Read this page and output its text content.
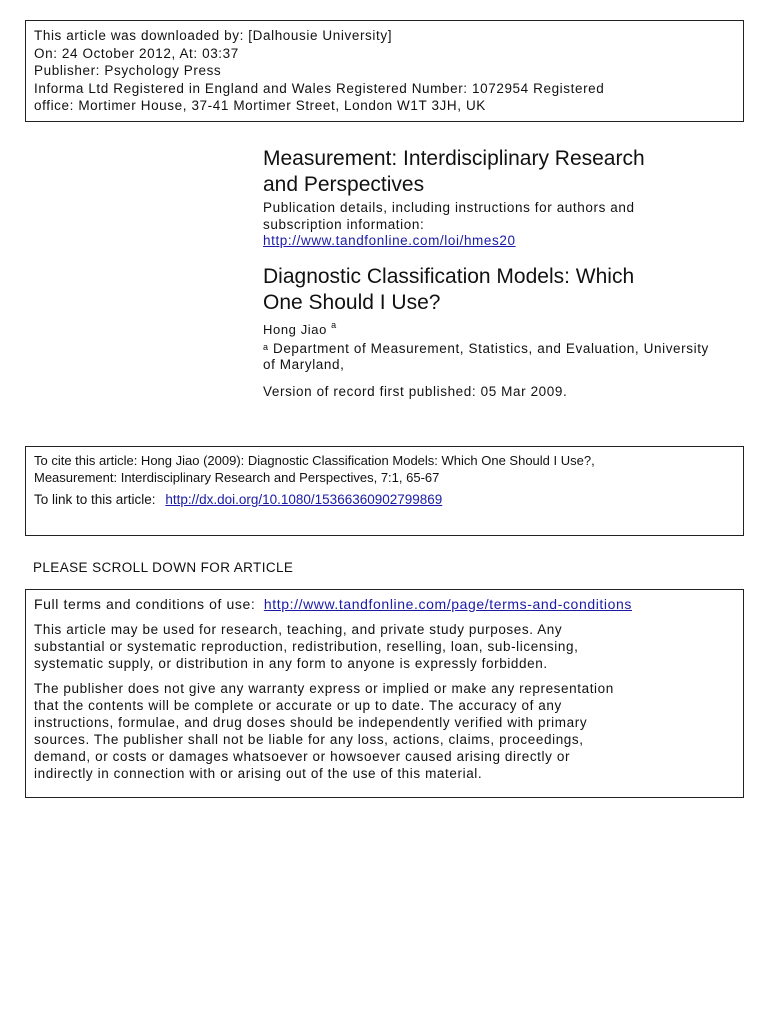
This article was downloaded by: [Dalhousie University]
On: 24 October 2012, At: 03:37
Publisher: Psychology Press
Informa Ltd Registered in England and Wales Registered Number: 1072954 Registered
office: Mortimer House, 37-41 Mortimer Street, London W1T 3JH, UK
Measurement: Interdisciplinary Research
and Perspectives
Publication details, including instructions for authors and
subscription information:
http://www.tandfonline.com/loi/hmes20
Diagnostic Classification Models: Which
One Should I Use?
Hong Jiao $^a$
$^a$ Department of Measurement, Statistics, and Evaluation, University
of Maryland,
Version of record first published: 05 Mar 2009.
To cite this article: Hong Jiao (2009): Diagnostic Classification Models: Which One Should I Use?,
Measurement: Interdisciplinary Research and Perspectives, 7:1, 65-67
To link to this article: http://dx.doi.org/10.1080/15366360902799869
PLEASE SCROLL DOWN FOR ARTICLE
Full terms and conditions of use: http://www.tandfonline.com/page/terms-and-conditions
This article may be used for research, teaching, and private study purposes. Any
substantial or systematic reproduction, redistribution, reselling, loan, sub-licensing,
systematic supply, or distribution in any form to anyone is expressly forbidden.
The publisher does not give any warranty express or implied or make any representation
that the contents will be complete or accurate or up to date. The accuracy of any
instructions, formulae, and drug doses should be independently verified with primary
sources. The publisher shall not be liable for any loss, actions, claims, proceedings,
demand, or costs or damages whatsoever or howsoever caused arising directly or
indirectly in connection with or arising out of the use of this material.
